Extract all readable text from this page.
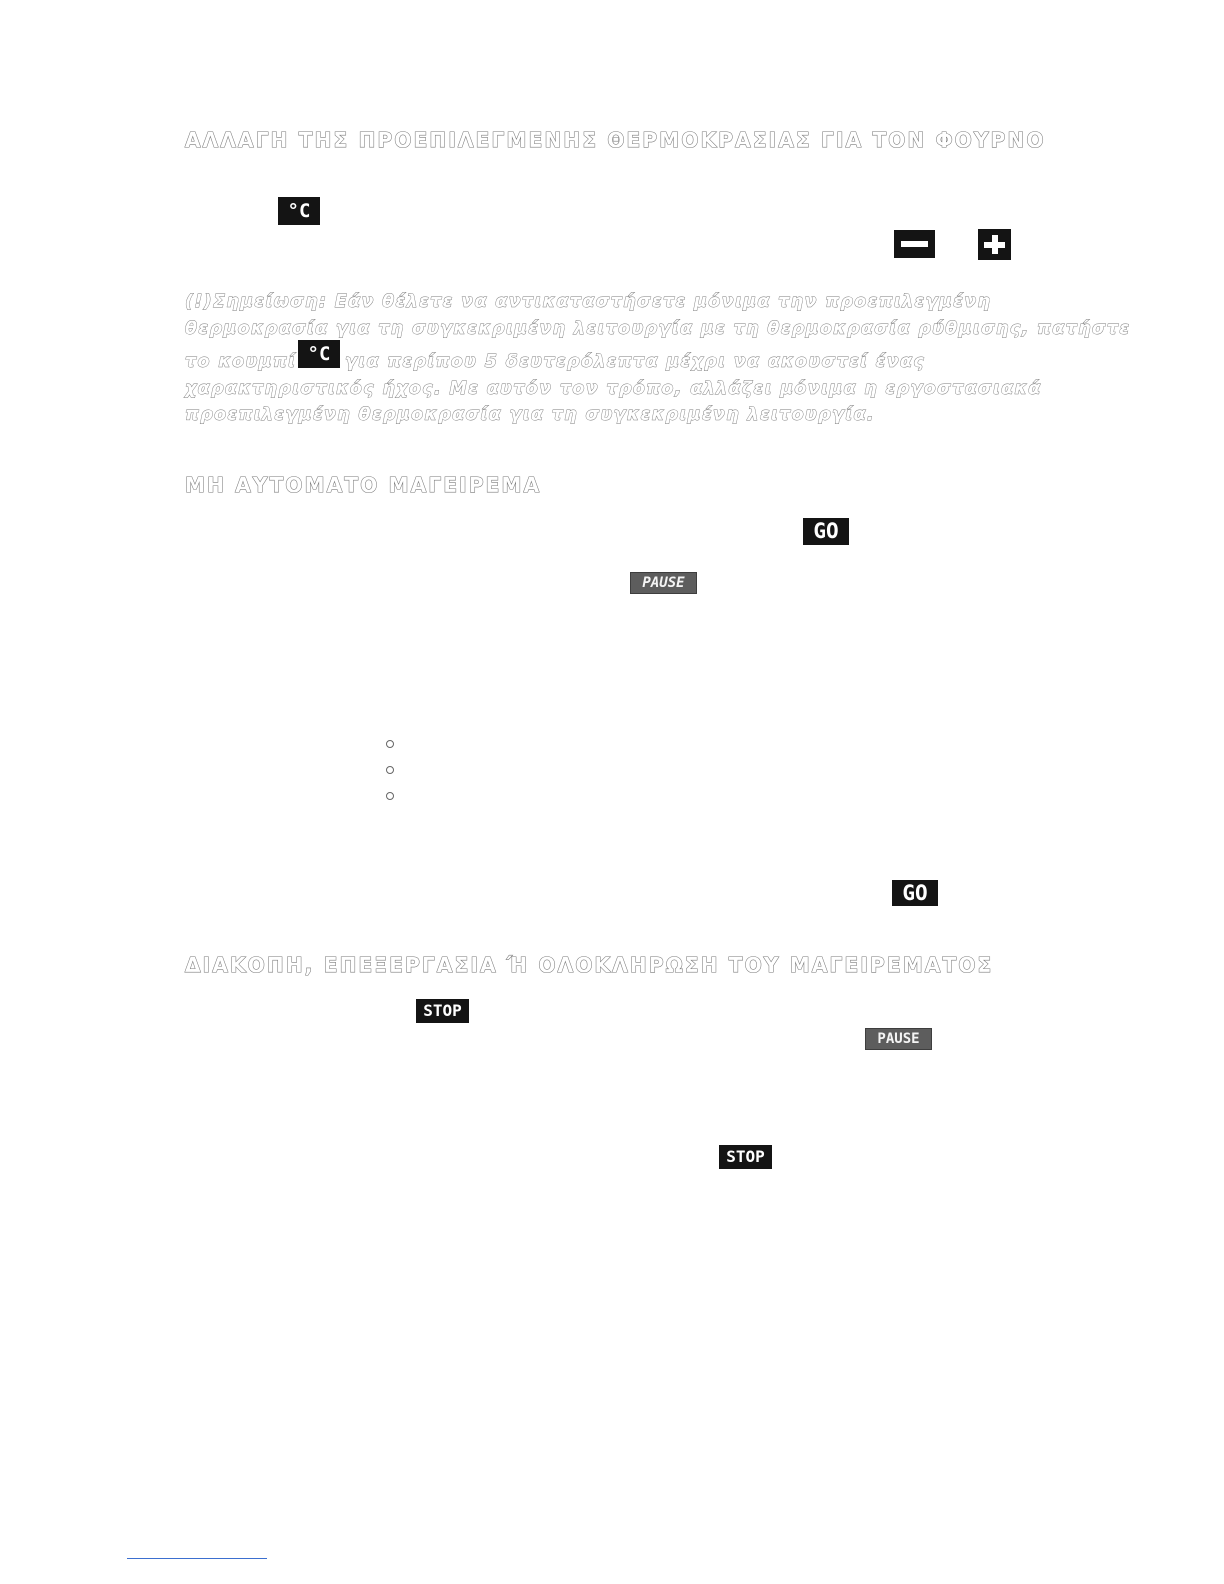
ΑΛΛΑΓΗ ΤΗΣ ΠΡΟΕΠΙΛΕΓΜΕΝΗΣ ΘΕΡΜΟΚΡΑΣΙΑΣ ΓΙΑ ΤΟΝ ΦΟΥΡΝΟ
°C
(!)Σημείωση: Εάν θέλετε να αντικαταστήσετε μόνιμα την προεπιλεγμένη
θερμοκρασία για τη συγκεκριμένη λειτουργία με τη θερμοκρασία ρύθμισης, πατήστε
το κουμπί	για περίπου 5 δευτερόλεπτα μέχρι να ακουστεί ένας
χαρακτηριστικός ήχος. Με αυτόν τον τρόπο, αλλάζει μόνιμα η εργοστασιακά
προεπιλεγμένη θερμοκρασία για τη συγκεκριμένη λειτουργία.
°C
ΜΗ ΑΥΤΟΜΑΤΟ ΜΑΓΕΙΡΕΜΑ
GO
PAUSE
GO
ΔΙΑΚΟΠΗ, ΕΠΕΞΕΡΓΑΣΙΑ Ή ΟΛΟΚΛΗΡΩΣΗ ΤΟΥ ΜΑΓΕΙΡΕΜΑΤΟΣ
STOP
PAUSE
STOP
